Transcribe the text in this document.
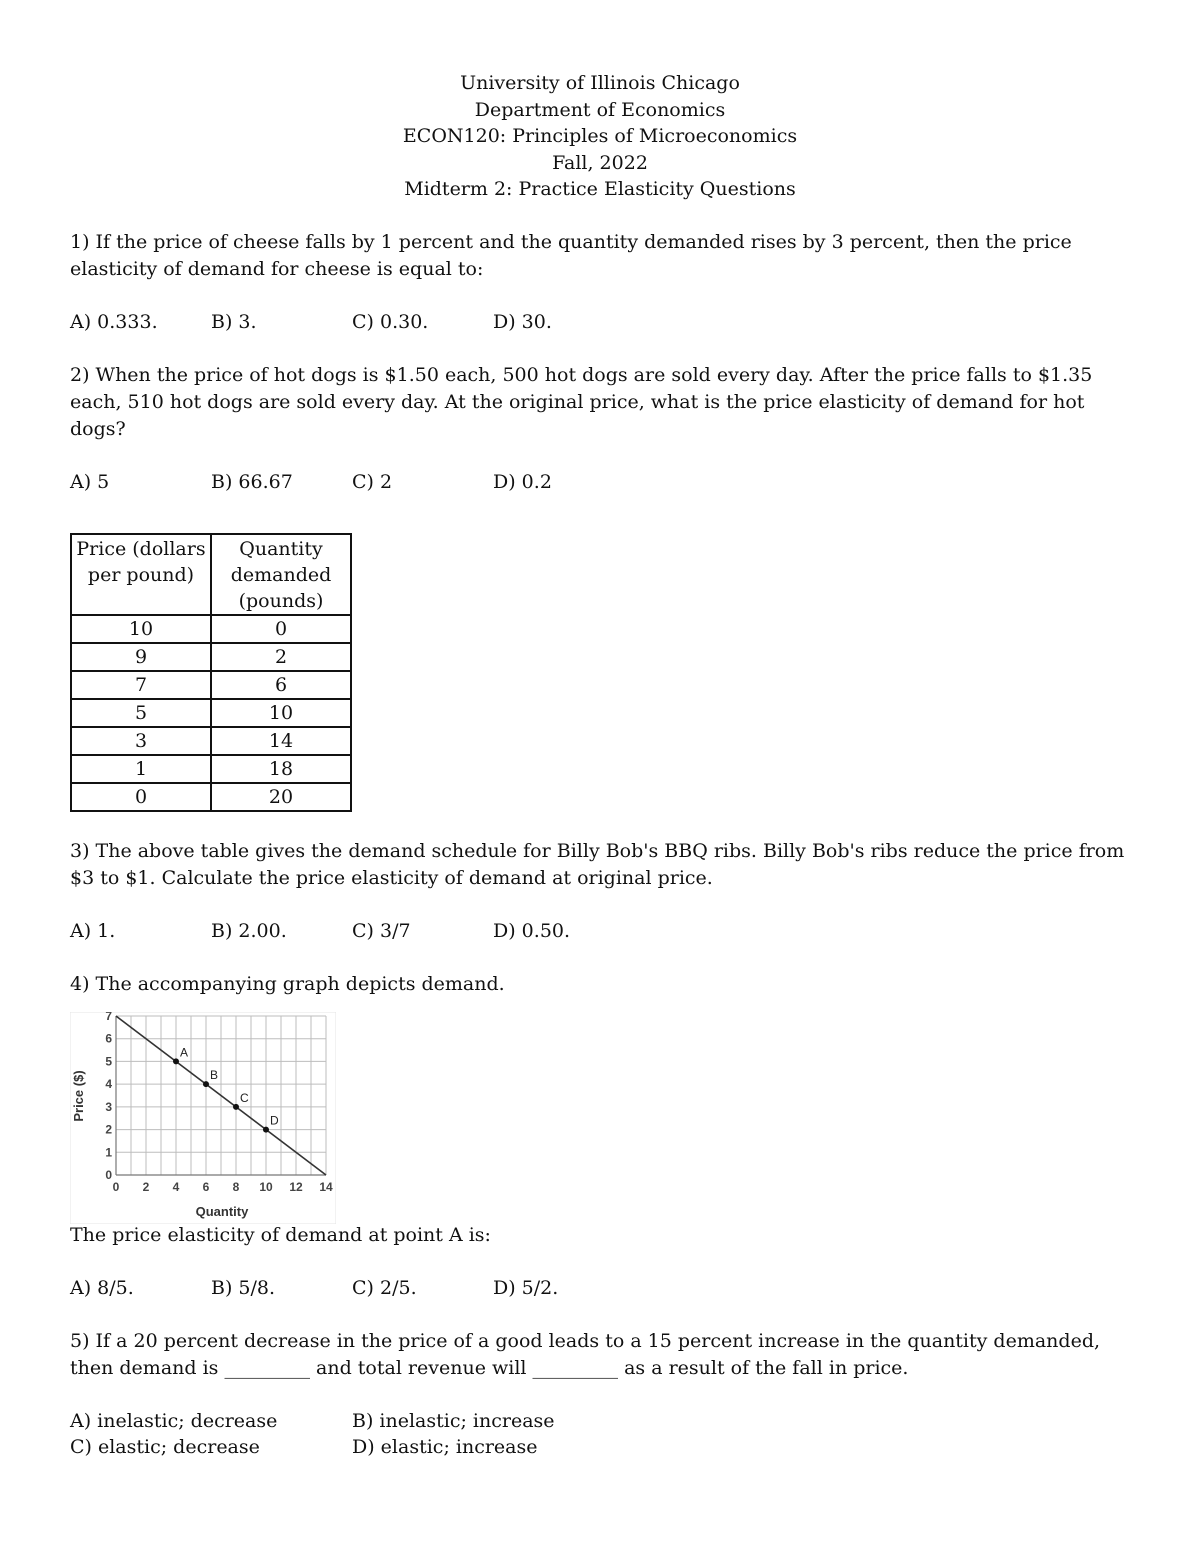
University of Illinois Chicago
Department of Economics
ECON120: Principles of Microeconomics
Fall, 2022
Midterm 2: Practice Elasticity Questions

1) If the price of cheese falls by 1 percent and the quantity demanded rises by 3 percent, then the price elasticity of demand for cheese is equal to:

A) 0.333.	B) 3.	C) 0.30.	D) 30.

2) When the price of hot dogs is $1.50 each, 500 hot dogs are sold every day. After the price falls to $1.35 each, 510 hot dogs are sold every day. At the original price, what is the price elasticity of demand for hot dogs?

A) 5	B) 66.67	C) 2	D) 0.2
Price (dollars per pound)	Quantity demanded (pounds)
10	0
9	2
7	6
5	10
3	14
1	18
0	20

3) The above table gives the demand schedule for Billy Bob's BBQ ribs. Billy Bob's ribs reduce the price from $3 to $1. Calculate the price elasticity of demand at original price.

A) 1.	B) 2.00.	C) 3/7	D) 0.50.

4) The accompanying graph depicts demand.

A
B
C
D
0 2 4 6 8 10 12 14
0
1
2
3
4
5
6
7
Quantity
Price ($)

The price elasticity of demand at point A is:

A) 8/5.	B) 5/8.	C) 2/5.	D) 5/2.

5) If a 20 percent decrease in the price of a good leads to a 15 percent increase in the quantity demanded, then demand is _________ and total revenue will _________ as a result of the fall in price.

A) inelastic; decrease	B) inelastic; increase
C) elastic; decrease	D) elastic; increase
